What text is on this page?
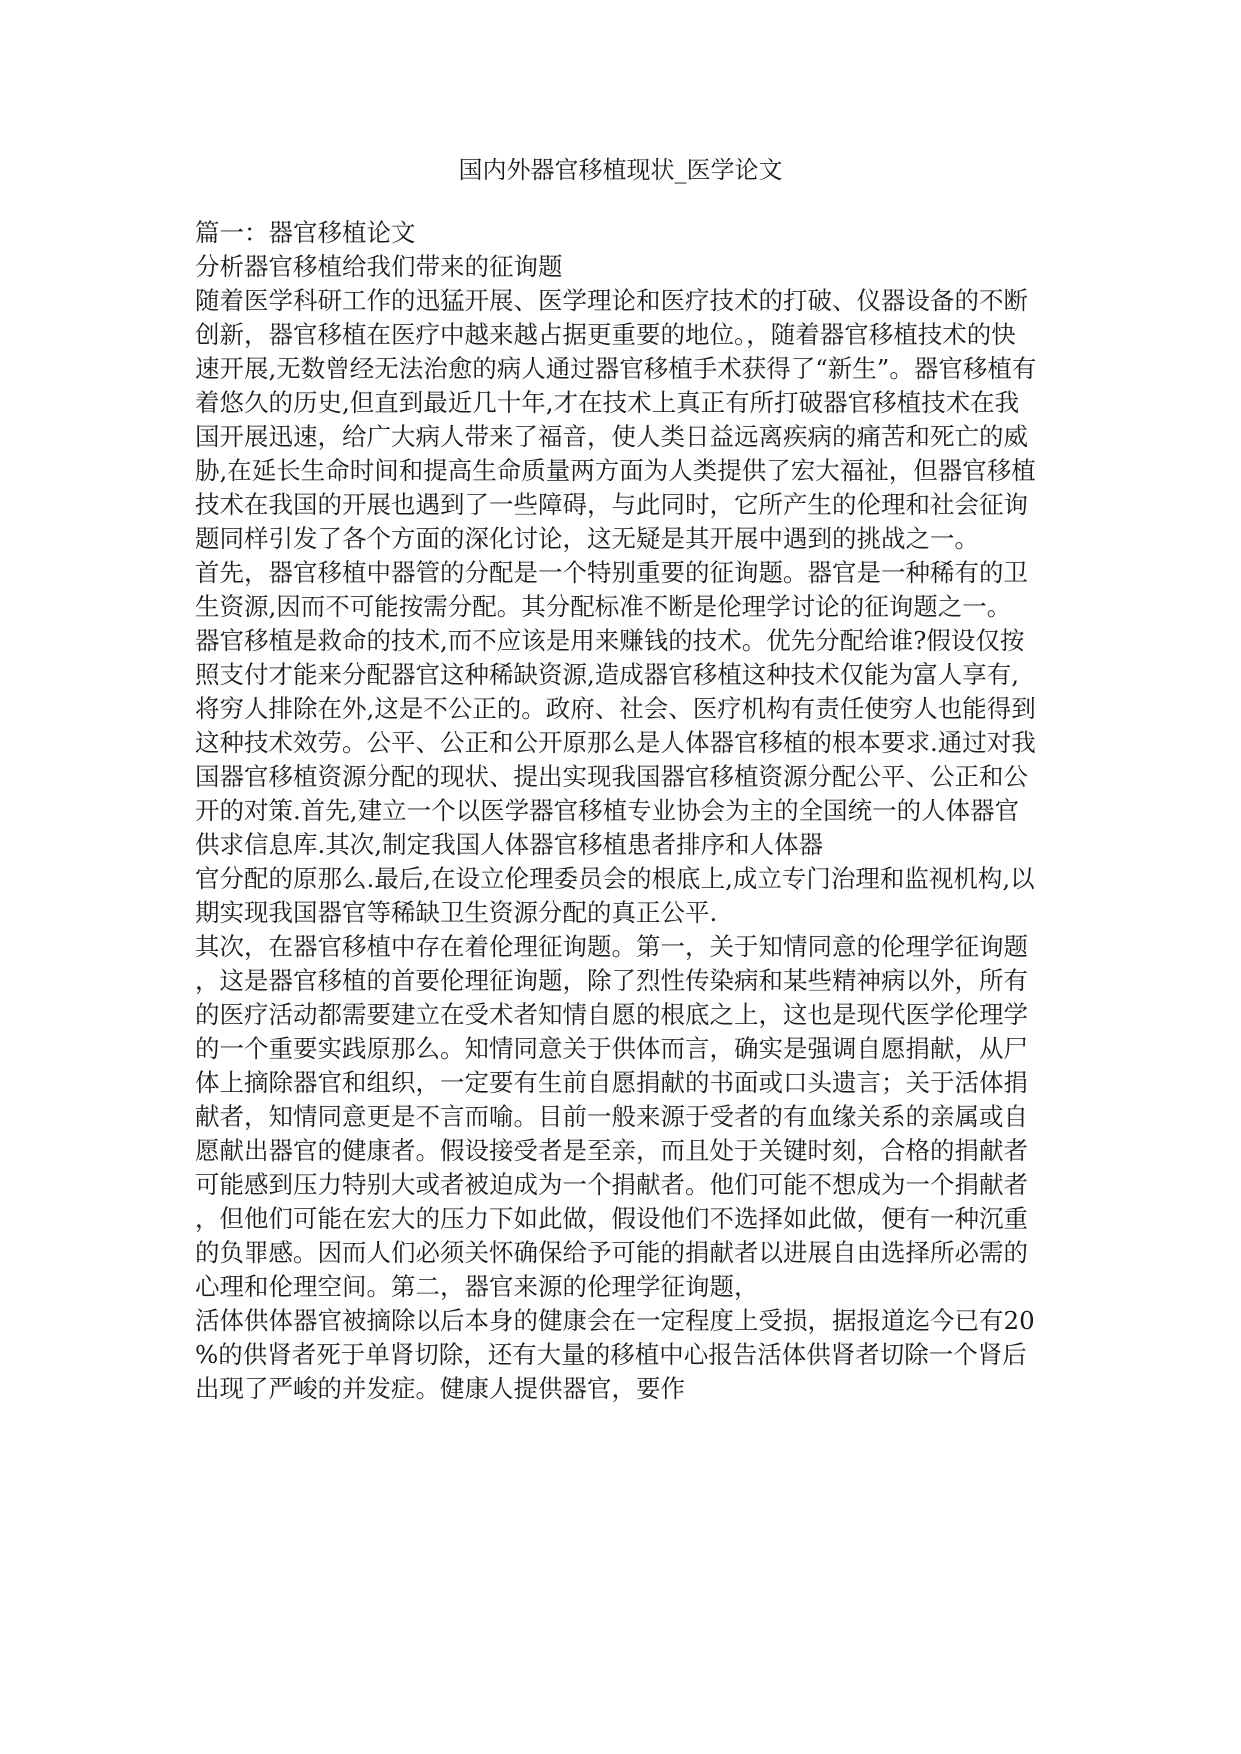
国内外器官移植现状_医学论文

篇一：器官移植论文

分析器官移植给我们带来的征询题

随着医学科研工作的迅猛开展、医学理论和医疗技术的打破、仪器设备的不断

创新，器官移植在医疗中越来越占据更重要的地位。，随着器官移植技术的快

速开展,无数曾经无法治愈的病人通过器官移植手术获得了“新生”。器官移植有

着悠久的历史,但直到最近几十年,才在技术上真正有所打破器官移植技术在我

国开展迅速，给广大病人带来了福音，使人类日益远离疾病的痛苦和死亡的威

胁,在延长生命时间和提高生命质量两方面为人类提供了宏大福祉，但器官移植

技术在我国的开展也遇到了一些障碍，与此同时，它所产生的伦理和社会征询

题同样引发了各个方面的深化讨论，这无疑是其开展中遇到的挑战之一。

首先，器官移植中器管的分配是一个特别重要的征询题。器官是一种稀有的卫

生资源,因而不可能按需分配。其分配标准不断是伦理学讨论的征询题之一。

器官移植是救命的技术,而不应该是用来赚钱的技术。优先分配给谁?假设仅按

照支付才能来分配器官这种稀缺资源,造成器官移植这种技术仅能为富人享有,

将穷人排除在外,这是不公正的。政府、社会、医疗机构有责任使穷人也能得到

这种技术效劳。公平、公正和公开原那么是人体器官移植的根本要求.通过对我

国器官移植资源分配的现状、提出实现我国器官移植资源分配公平、公正和公

开的对策.首先,建立一个以医学器官移植专业协会为主的全国统一的人体器官

供求信息库.其次,制定我国人体器官移植患者排序和人体器

官分配的原那么.最后,在设立伦理委员会的根底上,成立专门治理和监视机构,以

期实现我国器官等稀缺卫生资源分配的真正公平.

其次，在器官移植中存在着伦理征询题。第一，关于知情同意的伦理学征询题

，这是器官移植的首要伦理征询题，除了烈性传染病和某些精神病以外，所有

的医疗活动都需要建立在受术者知情自愿的根底之上，这也是现代医学伦理学

的一个重要实践原那么。知情同意关于供体而言，确实是强调自愿捐献，从尸

体上摘除器官和组织，一定要有生前自愿捐献的书面或口头遗言；关于活体捐

献者，知情同意更是不言而喻。目前一般来源于受者的有血缘关系的亲属或自

愿献出器官的健康者。假设接受者是至亲，而且处于关键时刻，合格的捐献者

可能感到压力特别大或者被迫成为一个捐献者。他们可能不想成为一个捐献者

，但他们可能在宏大的压力下如此做，假设他们不选择如此做，便有一种沉重

的负罪感。因而人们必须关怀确保给予可能的捐献者以进展自由选择所必需的

心理和伦理空间。第二，器官来源的伦理学征询题，

活体供体器官被摘除以后本身的健康会在一定程度上受损，据报道迄今已有20

%的供肾者死于单肾切除，还有大量的移植中心报告活体供肾者切除一个肾后

出现了严峻的并发症。健康人提供器官，要作
